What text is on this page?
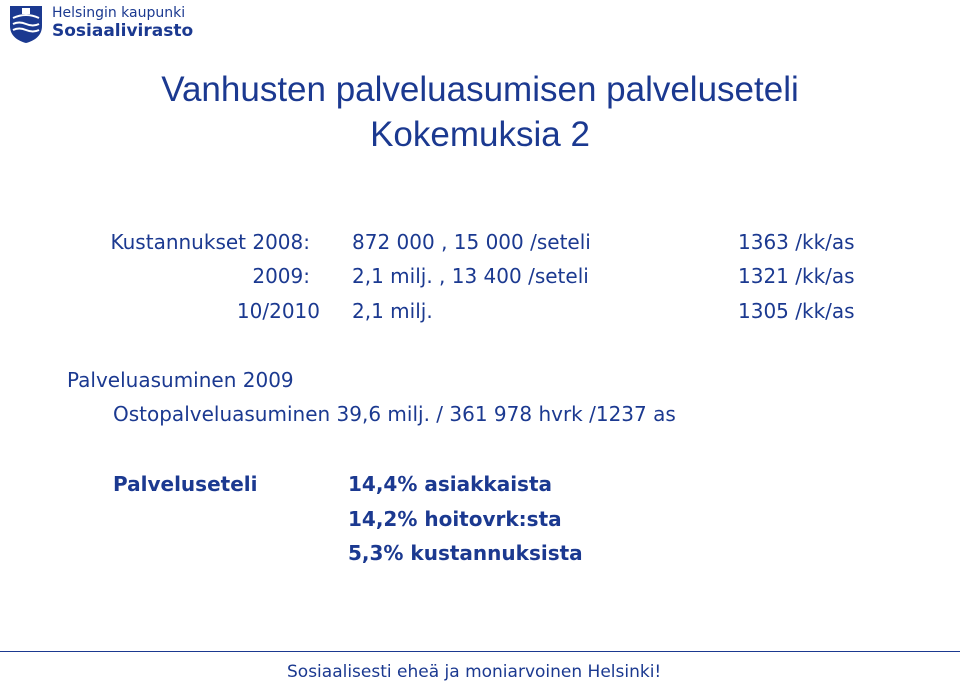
Helsingin kaupunki
Sosiaalivirasto
Vanhusten palveluasumisen palveluseteli
Kokemuksia 2
Kustannukset 2008: 872 000 , 15 000 /seteli	1363 /kk/as
2009: 2,1 milj. , 13 400 /seteli	1321 /kk/as
10/2010 2,1 milj.	1305 /kk/as
Palveluasuminen 2009
Ostopalveluasuminen 39,6 milj. / 361 978 hvrk /1237 as
Palveluseteli	14,4% asiakkaista
14,2% hoitovrk:sta
5,3% kustannuksista
Sosiaalisesti eheä ja moniarvoinen Helsinki!
